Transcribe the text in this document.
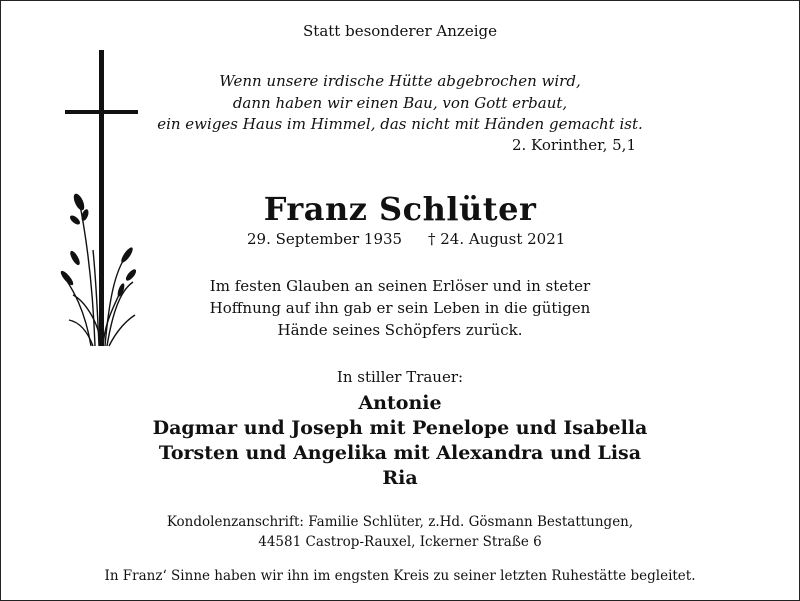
Statt besonderer Anzeige
Wenn unsere irdische Hütte abgebrochen wird,
dann haben wir einen Bau, von Gott erbaut,
ein ewiges Haus im Himmel, das nicht mit Händen gemacht ist.
2. Korinther, 5,1
Franz Schlüter
29. September 1935 † 24. August 2021
Im festen Glauben an seinen Erlöser und in steter
Hoffnung auf ihn gab er sein Leben in die gütigen
Hände seines Schöpfers zurück.
In stiller Trauer:
Antonie
Dagmar und Joseph mit Penelope und Isabella
Torsten und Angelika mit Alexandra und Lisa
Ria
Kondolenzanschrift: Familie Schlüter, z.Hd. Gösmann Bestattungen,
44581 Castrop-Rauxel, Ickerner Straße 6
In Franz‘ Sinne haben wir ihn im engsten Kreis zu seiner letzten Ruhestätte begleitet.
